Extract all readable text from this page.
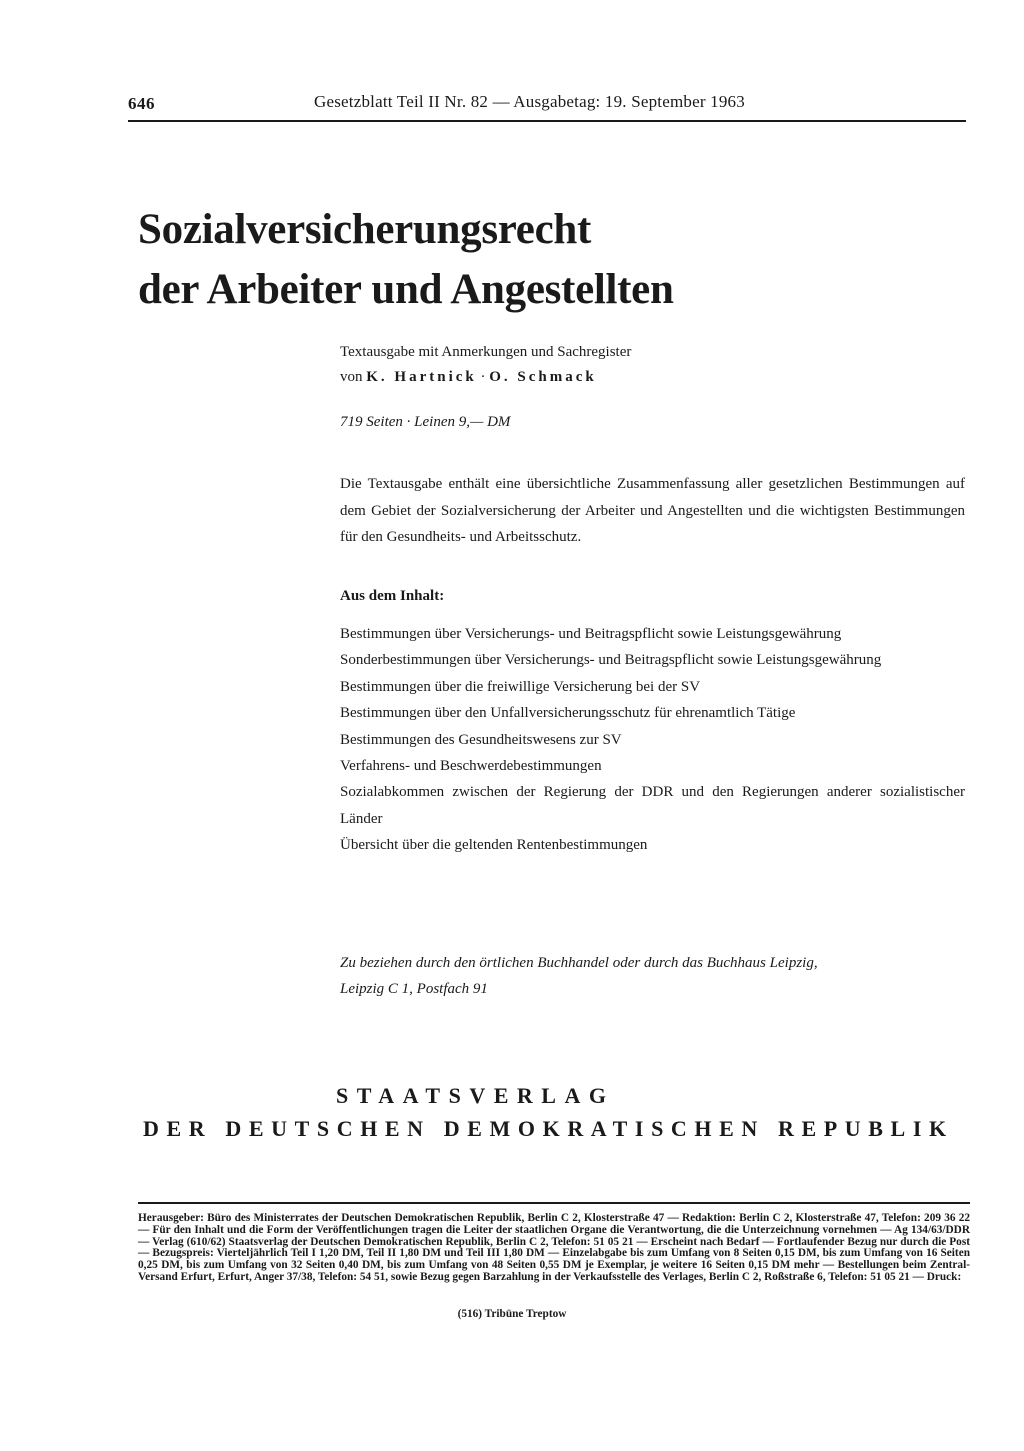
646	Gesetzblatt Teil II Nr. 82 — Ausgabetag: 19. September 1963
Sozialversicherungsrecht
der Arbeiter und Angestellten
Textausgabe mit Anmerkungen und Sachregister
von K. Hartnick · O. Schmack
719 Seiten · Leinen 9,— DM
Die Textausgabe enthält eine übersichtliche Zusammenfassung aller gesetzlichen Bestimmungen auf dem Gebiet der Sozialversicherung der Arbeiter und Angestellten und die wichtigsten Bestimmungen für den Gesundheits- und Arbeitsschutz.
Aus dem Inhalt:
Bestimmungen über Versicherungs- und Beitragspflicht sowie Leistungsgewährung
Sonderbestimmungen über Versicherungs- und Beitragspflicht sowie Leistungsgewährung
Bestimmungen über die freiwillige Versicherung bei der SV
Bestimmungen über den Unfallversicherungsschutz für ehrenamtlich Tätige
Bestimmungen des Gesundheitswesens zur SV
Verfahrens- und Beschwerdebestimmungen
Sozialabkommen zwischen der Regierung der DDR und den Regierungen anderer sozialistischer Länder
Übersicht über die geltenden Rentenbestimmungen
Zu beziehen durch den örtlichen Buchhandel oder durch das Buchhaus Leipzig,
Leipzig C 1, Postfach 91
STAATSVERLAG
DER DEUTSCHEN DEMOKRATISCHEN REPUBLIK
Herausgeber: Büro des Ministerrates der Deutschen Demokratischen Republik, Berlin C 2, Klosterstraße 47 — Redaktion: Berlin C 2, Klosterstraße 47, Telefon: 209 36 22 — Für den Inhalt und die Form der Veröffentlichungen tragen die Leiter der staatlichen Organe die Verantwortung, die die Unterzeichnung vornehmen — Ag 134/63/DDR — Verlag (610/62) Staatsverlag der Deutschen Demokratischen Republik, Berlin C 2, Telefon: 51 05 21 — Erscheint nach Bedarf — Fortlaufender Bezug nur durch die Post — Bezugspreis: Vierteljährlich Teil I 1,20 DM, Teil II 1,80 DM und Teil III 1,80 DM — Einzelabgabe bis zum Umfang von 8 Seiten 0,15 DM, bis zum Umfang von 16 Seiten 0,25 DM, bis zum Umfang von 32 Seiten 0,40 DM, bis zum Umfang von 48 Seiten 0,55 DM je Exemplar, je weitere 16 Seiten 0,15 DM mehr — Bestellungen beim Zentral-Versand Erfurt, Erfurt, Anger 37/38, Telefon: 54 51, sowie Bezug gegen Barzahlung in der Verkaufsstelle des Verlages, Berlin C 2, Roßstraße 6, Telefon: 51 05 21 — Druck:
(516) Tribüne Treptow
